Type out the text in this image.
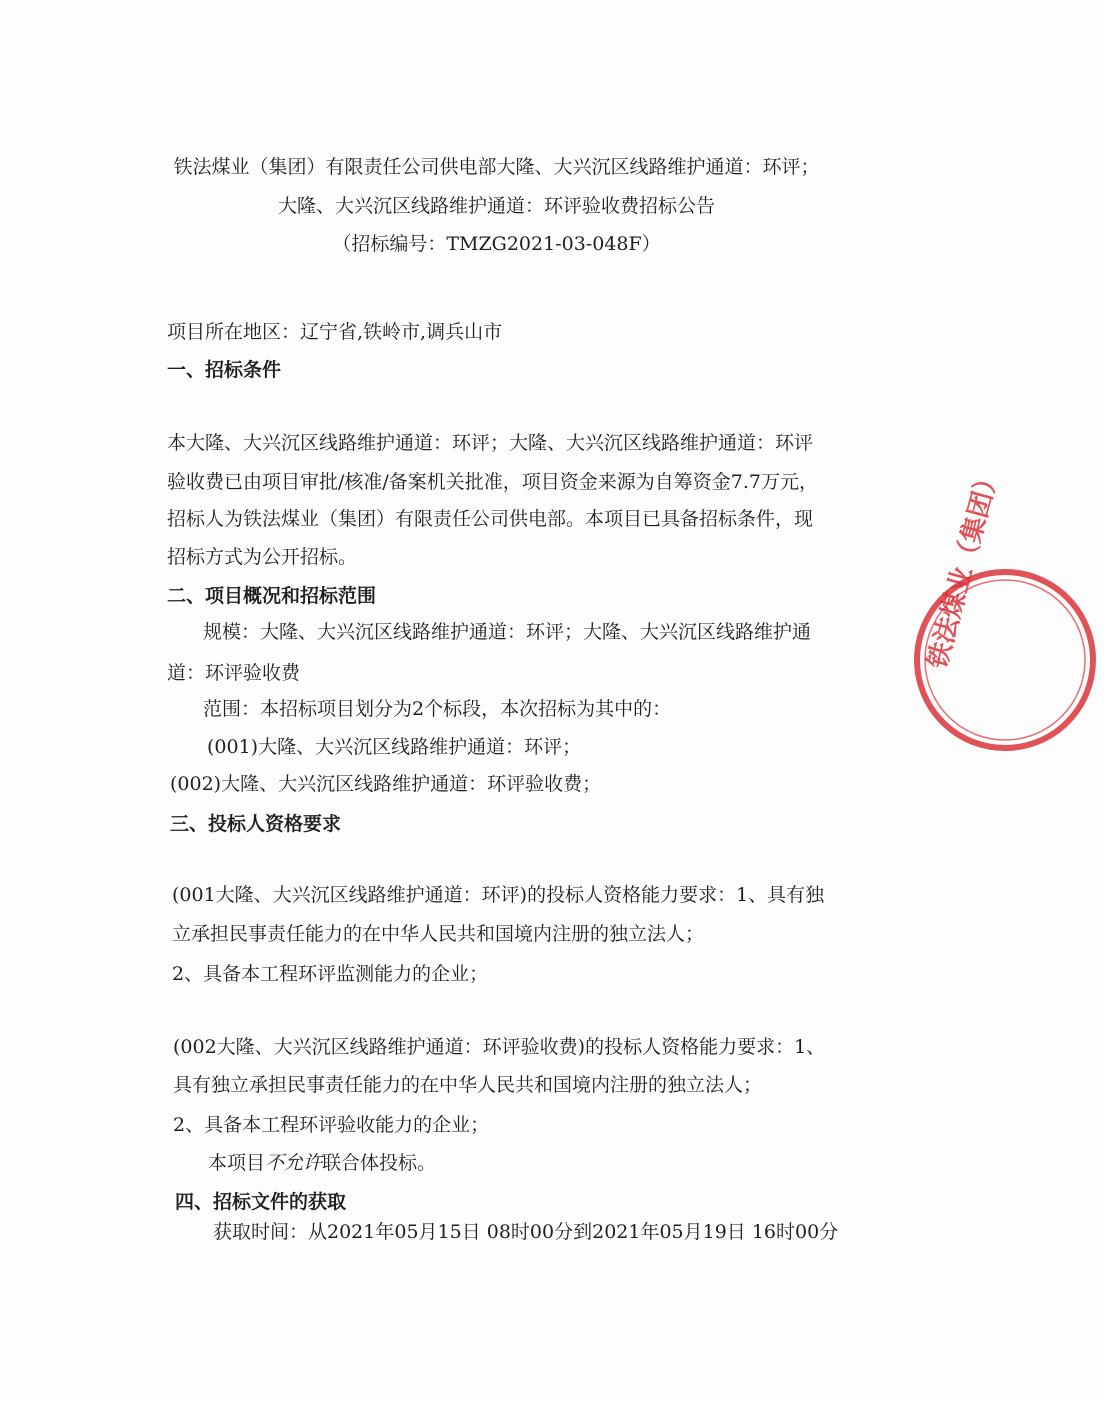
铁法煤业（集团）有限责任公司供电部大隆、大兴沉区线路维护通道：环评；
大隆、大兴沉区线路维护通道：环评验收费招标公告
（招标编号：TMZG2021-03-048F）
项目所在地区：辽宁省,铁岭市,调兵山市
一、招标条件
本大隆、大兴沉区线路维护通道：环评；大隆、大兴沉区线路维护通道：环评
验收费已由项目审批/核准/备案机关批准，项目资金来源为自筹资金7.7万元，
招标人为铁法煤业（集团）有限责任公司供电部。本项目已具备招标条件，现
招标方式为公开招标。
二、项目概况和招标范围
规模：大隆、大兴沉区线路维护通道：环评；大隆、大兴沉区线路维护通
道：环评验收费
范围：本招标项目划分为2个标段，本次招标为其中的：
(001)大隆、大兴沉区线路维护通道：环评；
(002)大隆、大兴沉区线路维护通道：环评验收费；
三、投标人资格要求
(001大隆、大兴沉区线路维护通道：环评)的投标人资格能力要求：1、具有独
立承担民事责任能力的在中华人民共和国境内注册的独立法人；
2、具备本工程环评监测能力的企业；
(002大隆、大兴沉区线路维护通道：环评验收费)的投标人资格能力要求：1、
具有独立承担民事责任能力的在中华人民共和国境内注册的独立法人；
2、具备本工程环评验收能力的企业；
本项目不允许联合体投标。
四、招标文件的获取
获取时间：从2021年05月15日 08时00分到2021年05月19日 16时00分
铁法煤业（集团）
